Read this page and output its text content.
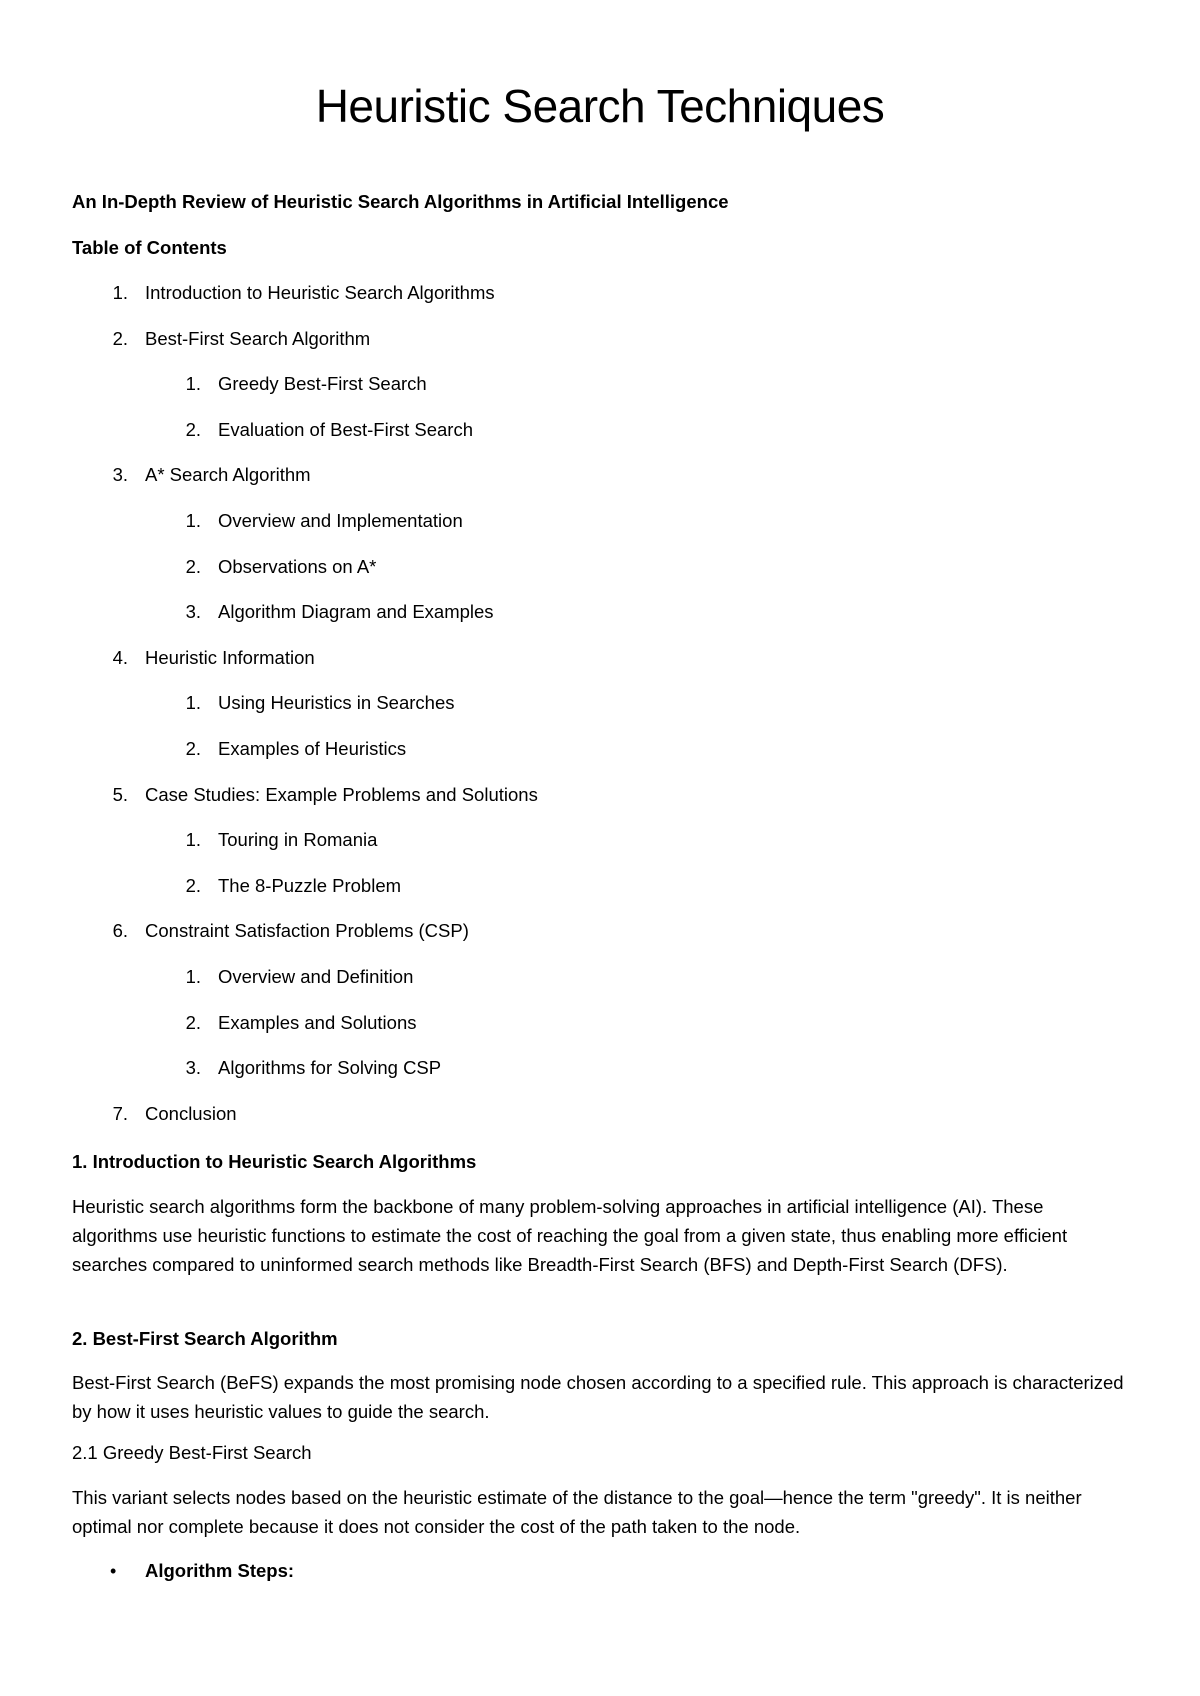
Heuristic Search Techniques
An In-Depth Review of Heuristic Search Algorithms in Artificial Intelligence
Table of Contents
1. Introduction to Heuristic Search Algorithms
2. Best-First Search Algorithm
1. Greedy Best-First Search
2. Evaluation of Best-First Search
3. A* Search Algorithm
1. Overview and Implementation
2. Observations on A*
3. Algorithm Diagram and Examples
4. Heuristic Information
1. Using Heuristics in Searches
2. Examples of Heuristics
5. Case Studies: Example Problems and Solutions
1. Touring in Romania
2. The 8-Puzzle Problem
6. Constraint Satisfaction Problems (CSP)
1. Overview and Definition
2. Examples and Solutions
3. Algorithms for Solving CSP
7. Conclusion
1. Introduction to Heuristic Search Algorithms
Heuristic search algorithms form the backbone of many problem-solving approaches in artificial intelligence (AI). These algorithms use heuristic functions to estimate the cost of reaching the goal from a given state, thus enabling more efficient searches compared to uninformed search methods like Breadth-First Search (BFS) and Depth-First Search (DFS).
2. Best-First Search Algorithm
Best-First Search (BeFS) expands the most promising node chosen according to a specified rule. This approach is characterized by how it uses heuristic values to guide the search.
2.1 Greedy Best-First Search
This variant selects nodes based on the heuristic estimate of the distance to the goal—hence the term "greedy". It is neither optimal nor complete because it does not consider the cost of the path taken to the node.
• Algorithm Steps:
